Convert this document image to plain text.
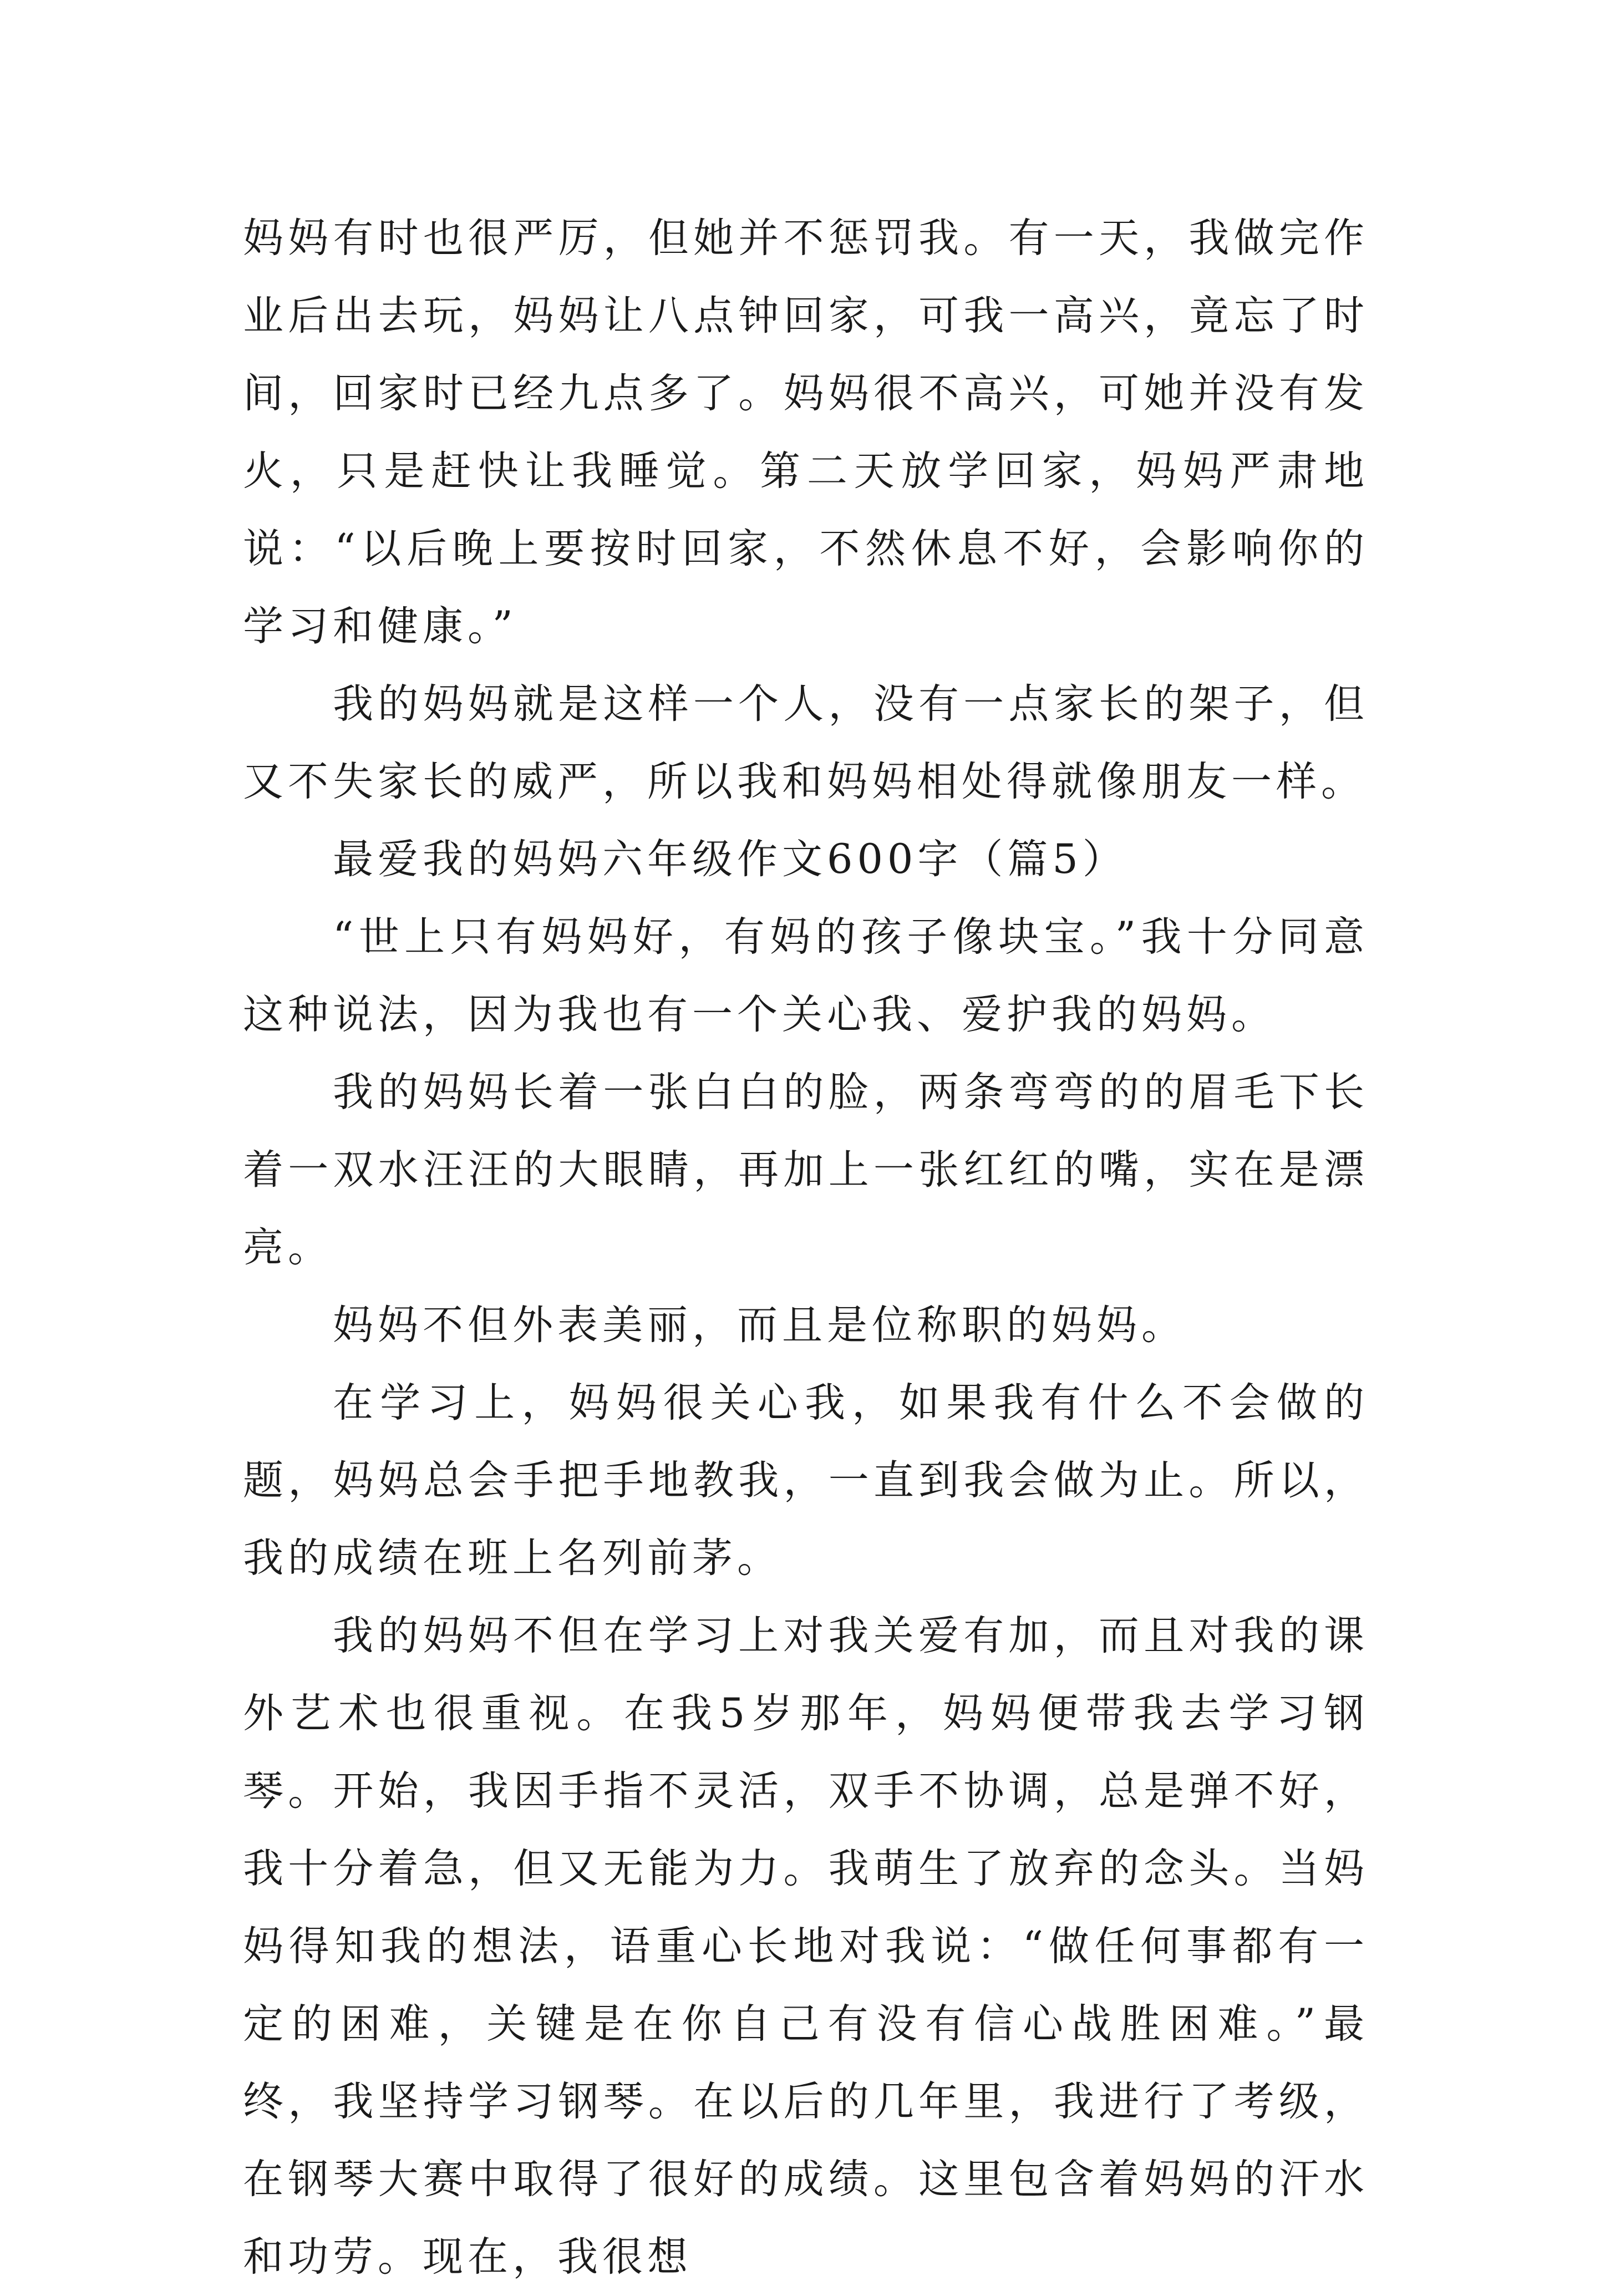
妈妈有时也很严厉，但她并不惩罚我。有一天，我做完作业后出去玩，妈妈让八点钟回家，可我一高兴，竟忘了时间，回家时已经九点多了。妈妈很不高兴，可她并没有发火，只是赶快让我睡觉。第二天放学回家，妈妈严肃地说：“以后晚上要按时回家，不然休息不好，会影响你的学习和健康。”

我的妈妈就是这样一个人，没有一点家长的架子，但又不失家长的威严，所以我和妈妈相处得就像朋友一样。

最爱我的妈妈六年级作文600字（篇5）

“世上只有妈妈好，有妈的孩子像块宝。”我十分同意这种说法，因为我也有一个关心我、爱护我的妈妈。

我的妈妈长着一张白白的脸，两条弯弯的的眉毛下长着一双水汪汪的大眼睛，再加上一张红红的嘴，实在是漂亮。

妈妈不但外表美丽，而且是位称职的妈妈。

在学习上，妈妈很关心我，如果我有什么不会做的题，妈妈总会手把手地教我，一直到我会做为止。所以，我的成绩在班上名列前茅。

我的妈妈不但在学习上对我关爱有加，而且对我的课外艺术也很重视。在我5岁那年，妈妈便带我去学习钢琴。开始，我因手指不灵活，双手不协调，总是弹不好，我十分着急，但又无能为力。我萌生了放弃的念头。当妈妈得知我的想法，语重心长地对我说：“做任何事都有一定的困难，关键是在你自己有没有信心战胜困难。”最终，我坚持学习钢琴。在以后的几年里，我进行了考级，在钢琴大赛中取得了很好的成绩。这里包含着妈妈的汗水和功劳。现在，我很想
